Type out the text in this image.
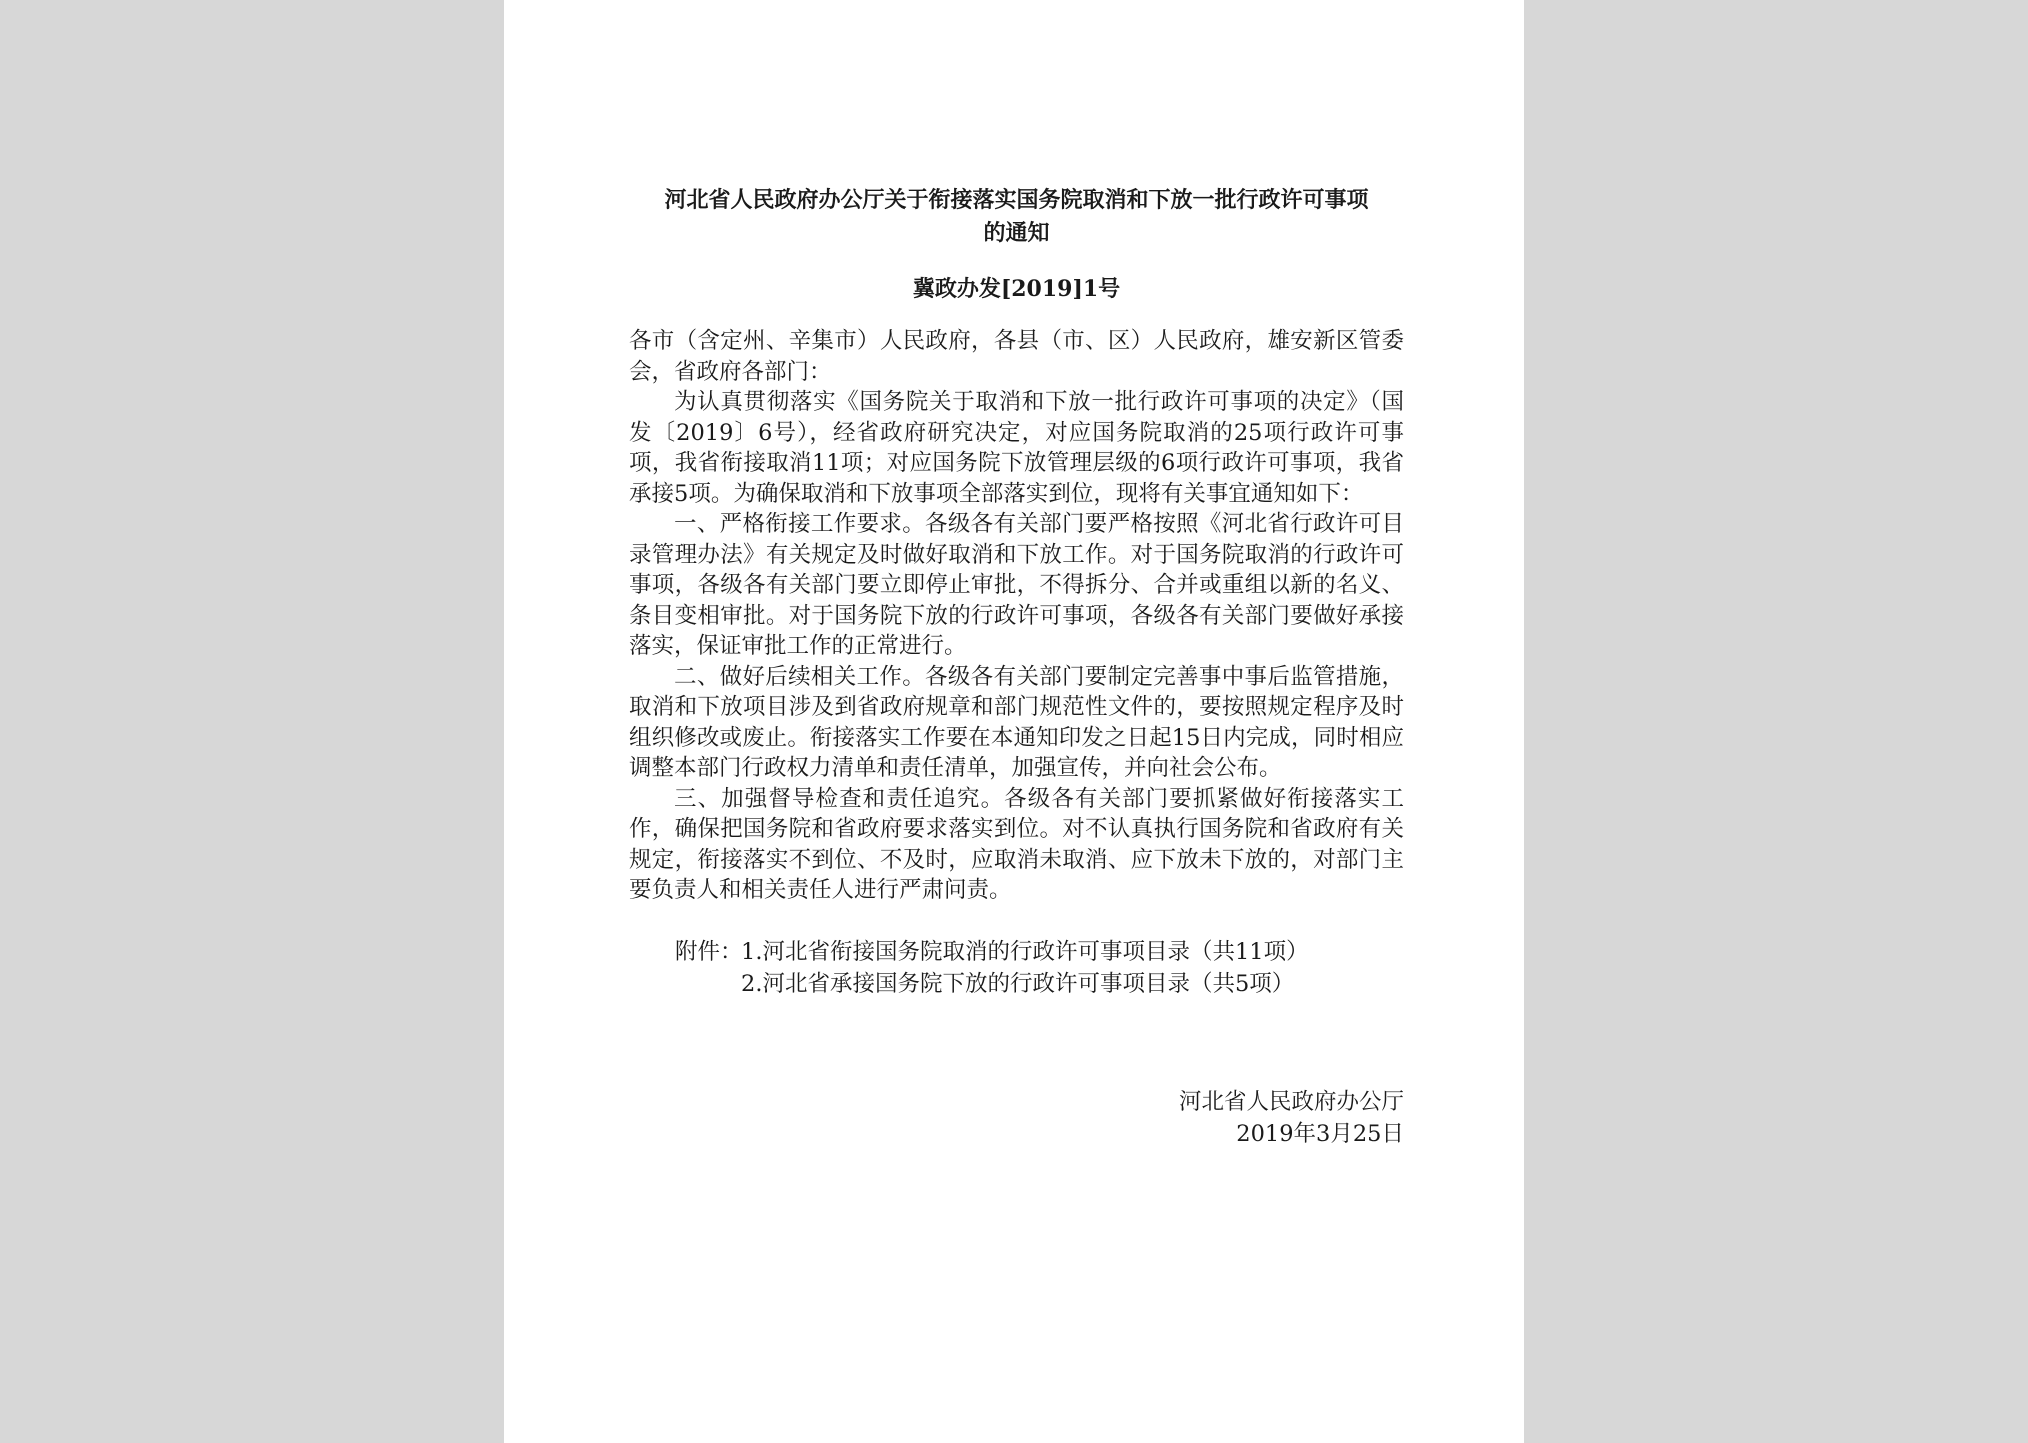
河北省人民政府办公厅关于衔接落实国务院取消和下放一批行政许可事项
的通知
冀政办发[2019]1号

各市（含定州、辛集市）人民政府，各县（市、区）人民政府，雄安新区管委会，省政府各部门：

为认真贯彻落实《国务院关于取消和下放一批行政许可事项的决定》（国发〔2019〕6号），经省政府研究决定，对应国务院取消的25项行政许可事项，我省衔接取消11项；对应国务院下放管理层级的6项行政许可事项，我省承接5项。为确保取消和下放事项全部落实到位，现将有关事宜通知如下：

一、严格衔接工作要求。各级各有关部门要严格按照《河北省行政许可目录管理办法》有关规定及时做好取消和下放工作。对于国务院取消的行政许可事项，各级各有关部门要立即停止审批，不得拆分、合并或重组以新的名义、条目变相审批。对于国务院下放的行政许可事项，各级各有关部门要做好承接落实，保证审批工作的正常进行。

二、做好后续相关工作。各级各有关部门要制定完善事中事后监管措施，取消和下放项目涉及到省政府规章和部门规范性文件的，要按照规定程序及时组织修改或废止。衔接落实工作要在本通知印发之日起15日内完成，同时相应调整本部门行政权力清单和责任清单，加强宣传，并向社会公布。

三、加强督导检查和责任追究。各级各有关部门要抓紧做好衔接落实工作，确保把国务院和省政府要求落实到位。对不认真执行国务院和省政府有关规定，衔接落实不到位、不及时，应取消未取消、应下放未下放的，对部门主要负责人和相关责任人进行严肃问责。

附件：1.河北省衔接国务院取消的行政许可事项目录（共11项）
2.河北省承接国务院下放的行政许可事项目录（共5项）
河北省人民政府办公厅
2019年3月25日
